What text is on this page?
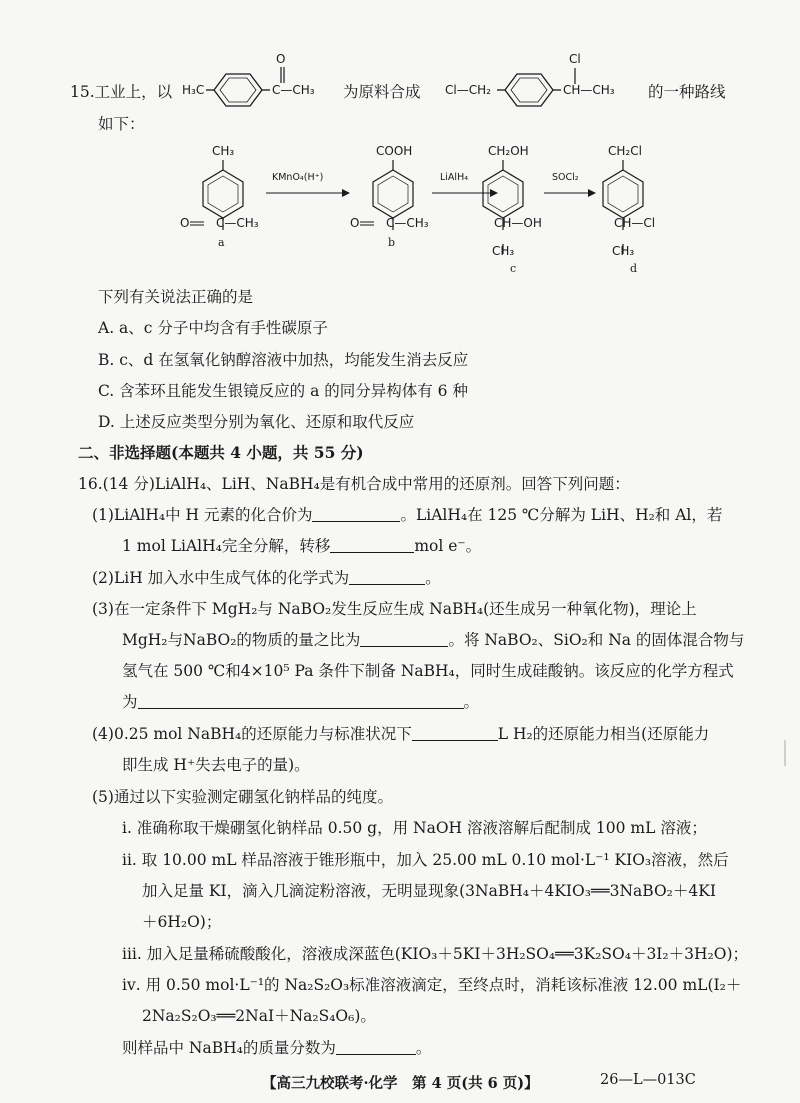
15.工业上，以 H₃C
O
C—CH₃ 为原料合成 Cl—CH₂
Cl
CH—CH₃ 的一种路线
如下：
CH₃
O C—CH₃
a
KMnO₄(H⁺)
COOH
O C—CH₃
b
LiAlH₄
CH₂OH
CH—OH
CH₃
c
SOCl₂
CH₂Cl
CH—Cl
CH₃
d
下列有关说法正确的是
A. a、c 分子中均含有手性碳原子
B. c、d 在氢氧化钠醇溶液中加热，均能发生消去反应
C. 含苯环且能发生银镜反应的 a 的同分异构体有 6 种
D. 上述反应类型分别为氧化、还原和取代反应
二、非选择题(本题共 4 小题，共 55 分)
16.(14 分)LiAlH₄、LiH、NaBH₄是有机合成中常用的还原剂。回答下列问题：
(1)LiAlH₄中 H 元素的化合价为	。LiAlH₄在 125 ℃分解为 LiH、H₂和 Al，若
1 mol LiAlH₄完全分解，转移	mol e⁻。
(2)LiH 加入水中生成气体的化学式为	。
(3)在一定条件下 MgH₂与 NaBO₂发生反应生成 NaBH₄(还生成另一种氧化物)，理论上
MgH₂与NaBO₂的物质的量之比为	。将 NaBO₂、SiO₂和 Na 的固体混合物与
氢气在 500 ℃和4×10⁵ Pa 条件下制备 NaBH₄，同时生成硅酸钠。该反应的化学方程式
为	。
(4)0.25 mol NaBH₄的还原能力与标准状况下	L H₂的还原能力相当(还原能力
即生成 H⁺失去电子的量)。
(5)通过以下实验测定硼氢化钠样品的纯度。
ⅰ. 准确称取干燥硼氢化钠样品 0.50 g，用 NaOH 溶液溶解后配制成 100 mL 溶液；
ⅱ. 取 10.00 mL 样品溶液于锥形瓶中，加入 25.00 mL 0.10 mol·L⁻¹ KIO₃溶液，然后
加入足量 KI，滴入几滴淀粉溶液，无明显现象(3NaBH₄＋4KIO₃══3NaBO₂＋4KI
＋6H₂O)；
ⅲ. 加入足量稀硫酸酸化，溶液成深蓝色(KIO₃＋5KI＋3H₂SO₄══3K₂SO₄＋3I₂＋3H₂O)；
ⅳ. 用 0.50 mol·L⁻¹的 Na₂S₂O₃标准溶液滴定，至终点时，消耗该标准液 12.00 mL(I₂＋
2Na₂S₂O₃══2NaI＋Na₂S₄O₆)。
则样品中 NaBH₄的质量分数为	。
【高三九校联考·化学　第 4 页(共 6 页)】	26—L—013C
